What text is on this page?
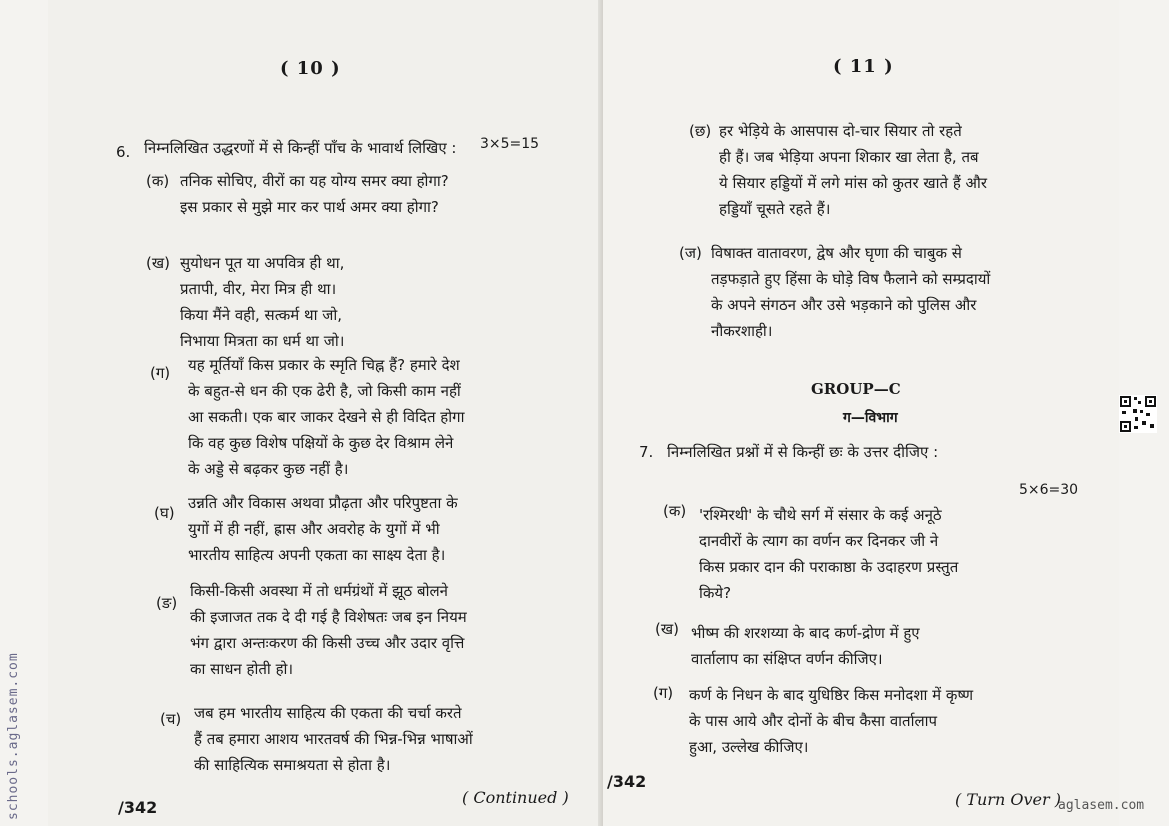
( 10 )
6. निम्नलिखित उद्धरणों में से किन्हीं पाँच के भावार्थ लिखिए : 3×5=15
(क) तनिक सोचिए, वीरों का यह योग्य समर क्या होगा?
इस प्रकार से मुझे मार कर पार्थ अमर क्या होगा?
(ख) सुयोधन पूत या अपवित्र ही था,
प्रतापी, वीर, मेरा मित्र ही था।
किया मैंने वही, सत्कर्म था जो,
निभाया मित्रता का धर्म था जो।
(ग) यह मूर्तियाँ किस प्रकार के स्मृति चिह्न हैं? हमारे देश
के बहुत-से धन की एक ढेरी है, जो किसी काम नहीं
आ सकती। एक बार जाकर देखने से ही विदित होगा
कि वह कुछ विशेष पक्षियों के कुछ देर विश्राम लेने
के अड्डे से बढ़कर कुछ नहीं है।
(घ)
उन्नति और विकास अथवा प्रौढ़ता और परिपुष्टता के
युगों में ही नहीं, ह्रास और अवरोह के युगों में भी
भारतीय साहित्य अपनी एकता का साक्ष्य देता है।
(ङ)
किसी-किसी अवस्था में तो धर्मग्रंथों में झूठ बोलने
की इजाजत तक दे दी गई है विशेषतः जब इन नियम
भंग द्वारा अन्तःकरण की किसी उच्च और उदार वृत्ति
का साधन होती हो।
(च) जब हम भारतीय साहित्य की एकता की चर्चा करते
हैं तब हमारा आशय भारतवर्ष की भिन्न-भिन्न भाषाओं
की साहित्यिक समाश्रयता से होता है।
/342
( Continued )
( 11 )
(छ) हर भेड़िये के आसपास दो-चार सियार तो रहते
ही हैं। जब भेड़िया अपना शिकार खा लेता है, तब
ये सियार हड्डियों में लगे मांस को कुतर खाते हैं और
हड्डियाँ चूसते रहते हैं।
(ज) विषाक्त वातावरण, द्वेष और घृणा की चाबुक से
तड़फड़ाते हुए हिंसा के घोड़े विष फैलाने को सम्प्रदायों
के अपने संगठन और उसे भड़काने को पुलिस और
नौकरशाही।
GROUP—C
ग—विभाग
7. निम्नलिखित प्रश्नों में से किन्हीं छः के उत्तर दीजिए :
5×6=30
(क) 'रश्मिरथी' के चौथे सर्ग में संसार के कई अनूठे
दानवीरों के त्याग का वर्णन कर दिनकर जी ने
किस प्रकार दान की पराकाष्ठा के उदाहरण प्रस्तुत
किये?
(ख) भीष्म की शरशय्या के बाद कर्ण-द्रोण में हुए
वार्तालाप का संक्षिप्त वर्णन कीजिए।
(ग) कर्ण के निधन के बाद युधिष्ठिर किस मनोदशा में कृष्ण
के पास आये और दोनों के बीच कैसा वार्तालाप
हुआ, उल्लेख कीजिए।
/342
( Turn Over )
schools.aglasem.com	aglasem.com
